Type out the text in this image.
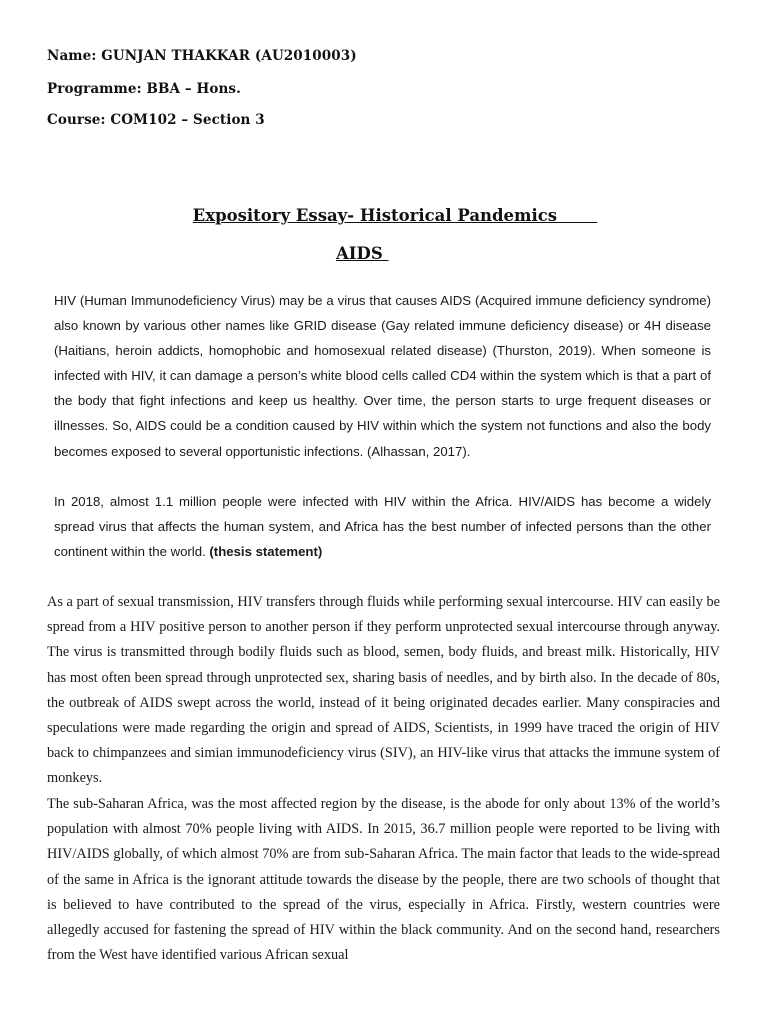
Name: GUNJAN THAKKAR (AU2010003)
Programme: BBA – Hons.
Course: COM102 – Section 3
Expository Essay- Historical Pandemics
AIDS

HIV (Human Immunodeficiency Virus) may be a virus that causes AIDS (Acquired immune deficiency syndrome) also known by various other names like GRID disease (Gay related immune deficiency disease) or 4H disease (Haitians, heroin addicts, homophobic and homosexual related disease) (Thurston, 2019). When someone is infected with HIV, it can damage a person’s white blood cells called CD4 within the system which is that a part of the body that fight infections and keep us healthy. Over time, the person starts to urge frequent diseases or illnesses. So, AIDS could be a condition caused by HIV within which the system not functions and also the body becomes exposed to several opportunistic infections. (Alhassan, 2017).

In 2018, almost 1.1 million people were infected with HIV within the Africa. HIV/AIDS has become a widely spread virus that affects the human system, and Africa has the best number of infected persons than the other continent within the world. (thesis statement)

As a part of sexual transmission, HIV transfers through fluids while performing sexual intercourse. HIV can easily be spread from a HIV positive person to another person if they perform unprotected sexual intercourse through anyway. The virus is transmitted through bodily fluids such as blood, semen, body fluids, and breast milk. Historically, HIV has most often been spread through unprotected sex, sharing basis of needles, and by birth also. In the decade of 80s, the outbreak of AIDS swept across the world, instead of it being originated decades earlier. Many conspiracies and speculations were made regarding the origin and spread of AIDS, Scientists, in 1999 have traced the origin of HIV back to chimpanzees and simian immunodeficiency virus (SIV), an HIV-like virus that attacks the immune system of monkeys.

The sub-Saharan Africa, was the most affected region by the disease, is the abode for only about 13% of the world’s population with almost 70% people living with AIDS. In 2015, 36.7 million people were reported to be living with HIV/AIDS globally, of which almost 70% are from sub-Saharan Africa. The main factor that leads to the wide-spread of the same in Africa is the ignorant attitude towards the disease by the people, there are two schools of thought that is believed to have contributed to the spread of the virus, especially in Africa. Firstly, western countries were allegedly accused for fastening the spread of HIV within the black community. And on the second hand, researchers from the West have identified various African sexual
